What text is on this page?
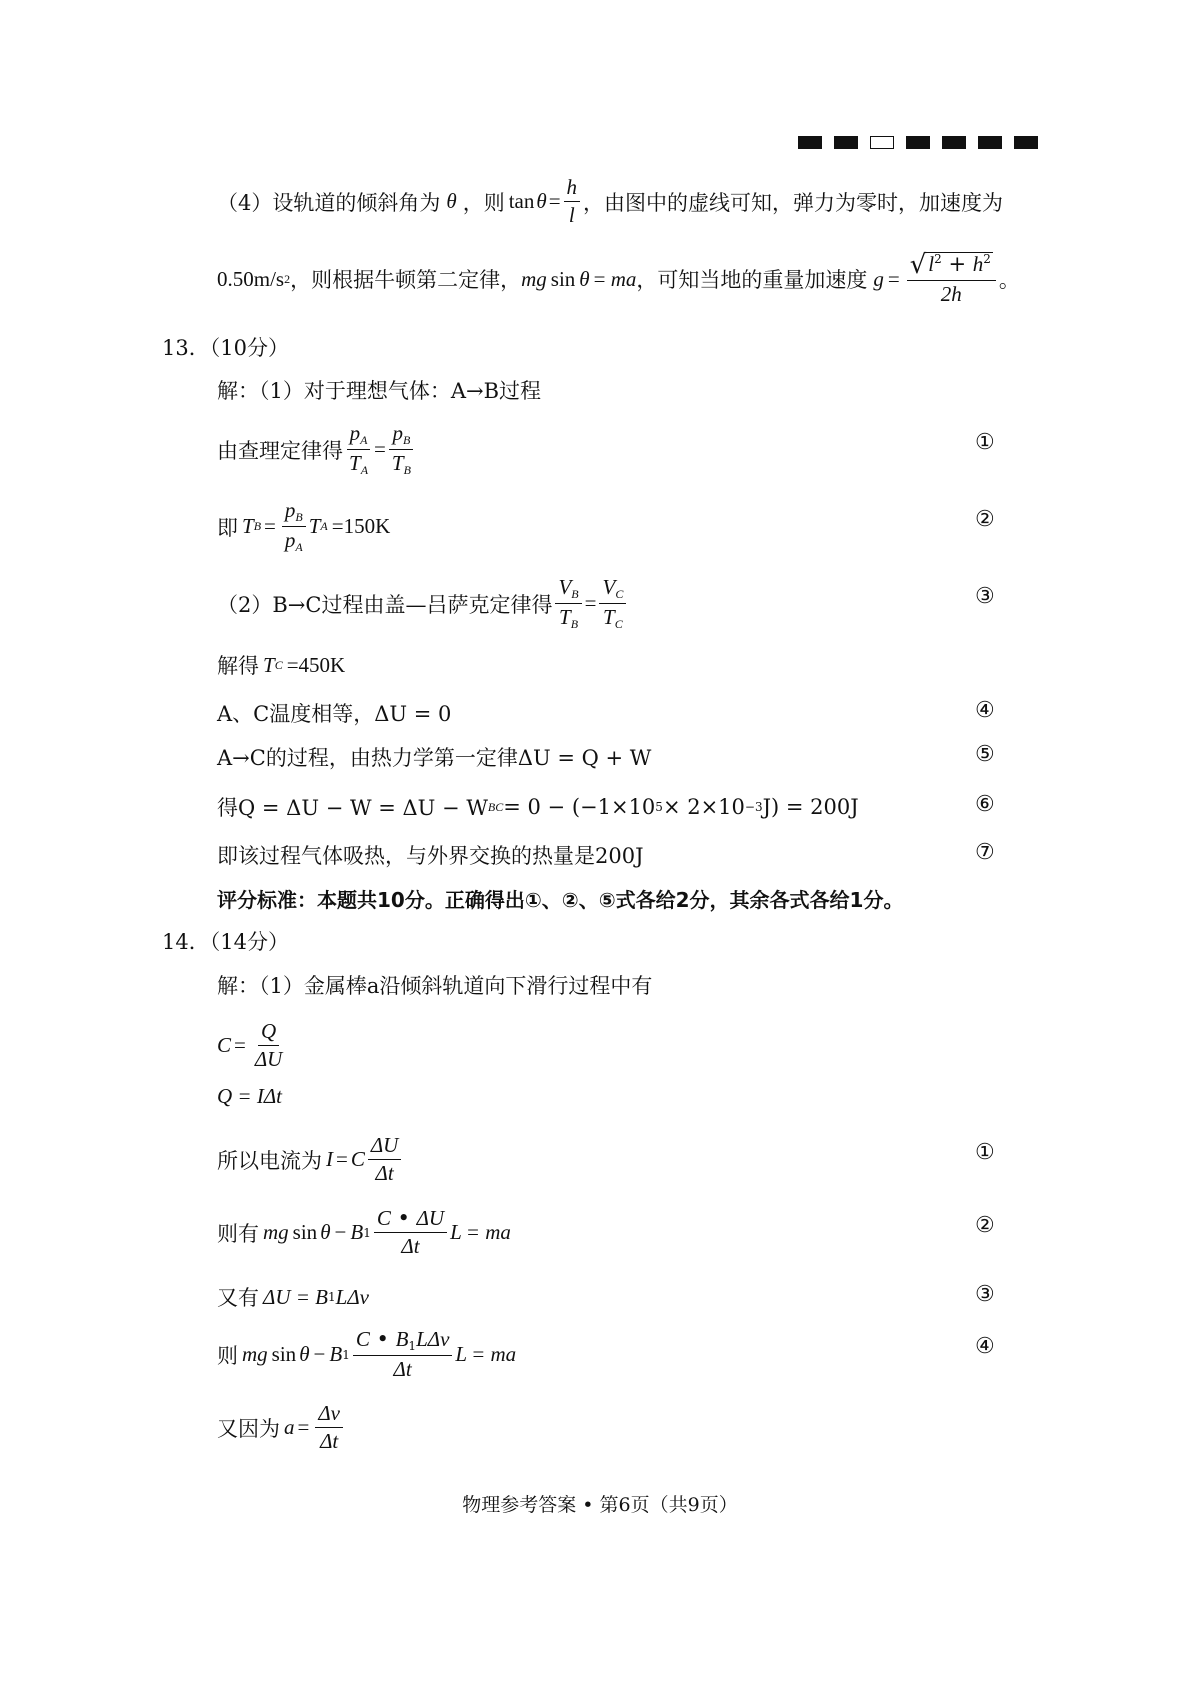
（4）设轨道的倾斜角为 θ ，则 $\tan \theta = \frac{h}{l}$ ，由图中的虚线可知，弹力为零时，加速度为
0.50m/s 2 ，则根据牛顿第二定律， mg sin θ = ma ，可知当地的重量加速度 $g = \frac{√ l^2 + h^2}{2h}$ 。
13．（10分）
解：（1）对于理想气体：A→B过程
由查理定律得 $\frac{p_A}{T_A} = \frac{p_B}{T_B}$	①
即 T $B = \frac{p_B}{p_A}$ T A =150K	②
（2）B→C过程由盖—吕萨克定律得 $\frac{V_B}{T_B} = \frac{V_C}{T_C}$	③
解得 T C =450K
A、C温度相等，ΔU = 0	④
A→C的过程，由热力学第一定律ΔU = Q + W	⑤
得Q = ΔU − W = ΔU − W BC = 0 − (−1×10 5 × 2×10 −3 J) = 200J	⑥
即该过程气体吸热，与外界交换的热量是200J	⑦
评分标准：本题共10分。正确得出①、②、⑤式各给2分，其余各式各给1分。
14．（14分）
解：（1）金属棒a沿倾斜轨道向下滑行过程中有
$C = \frac{Q}{\Delta U}$
Q = IΔt
所以电流为 I = C $\frac{\Delta U}{\Delta t}$	①
则有 mg sin θ − B $1 \frac{C • \Delta U}{\Delta t}$ L = ma	②
又有 ΔU = B 1 LΔv	③
则 mg sin θ − B $1 \frac{C • B_1L\Delta v}{\Delta t}$ L = ma	④
又因为 $a = \frac{\Delta v}{\Delta t}$
物理参考答案 • 第6页（共9页）
